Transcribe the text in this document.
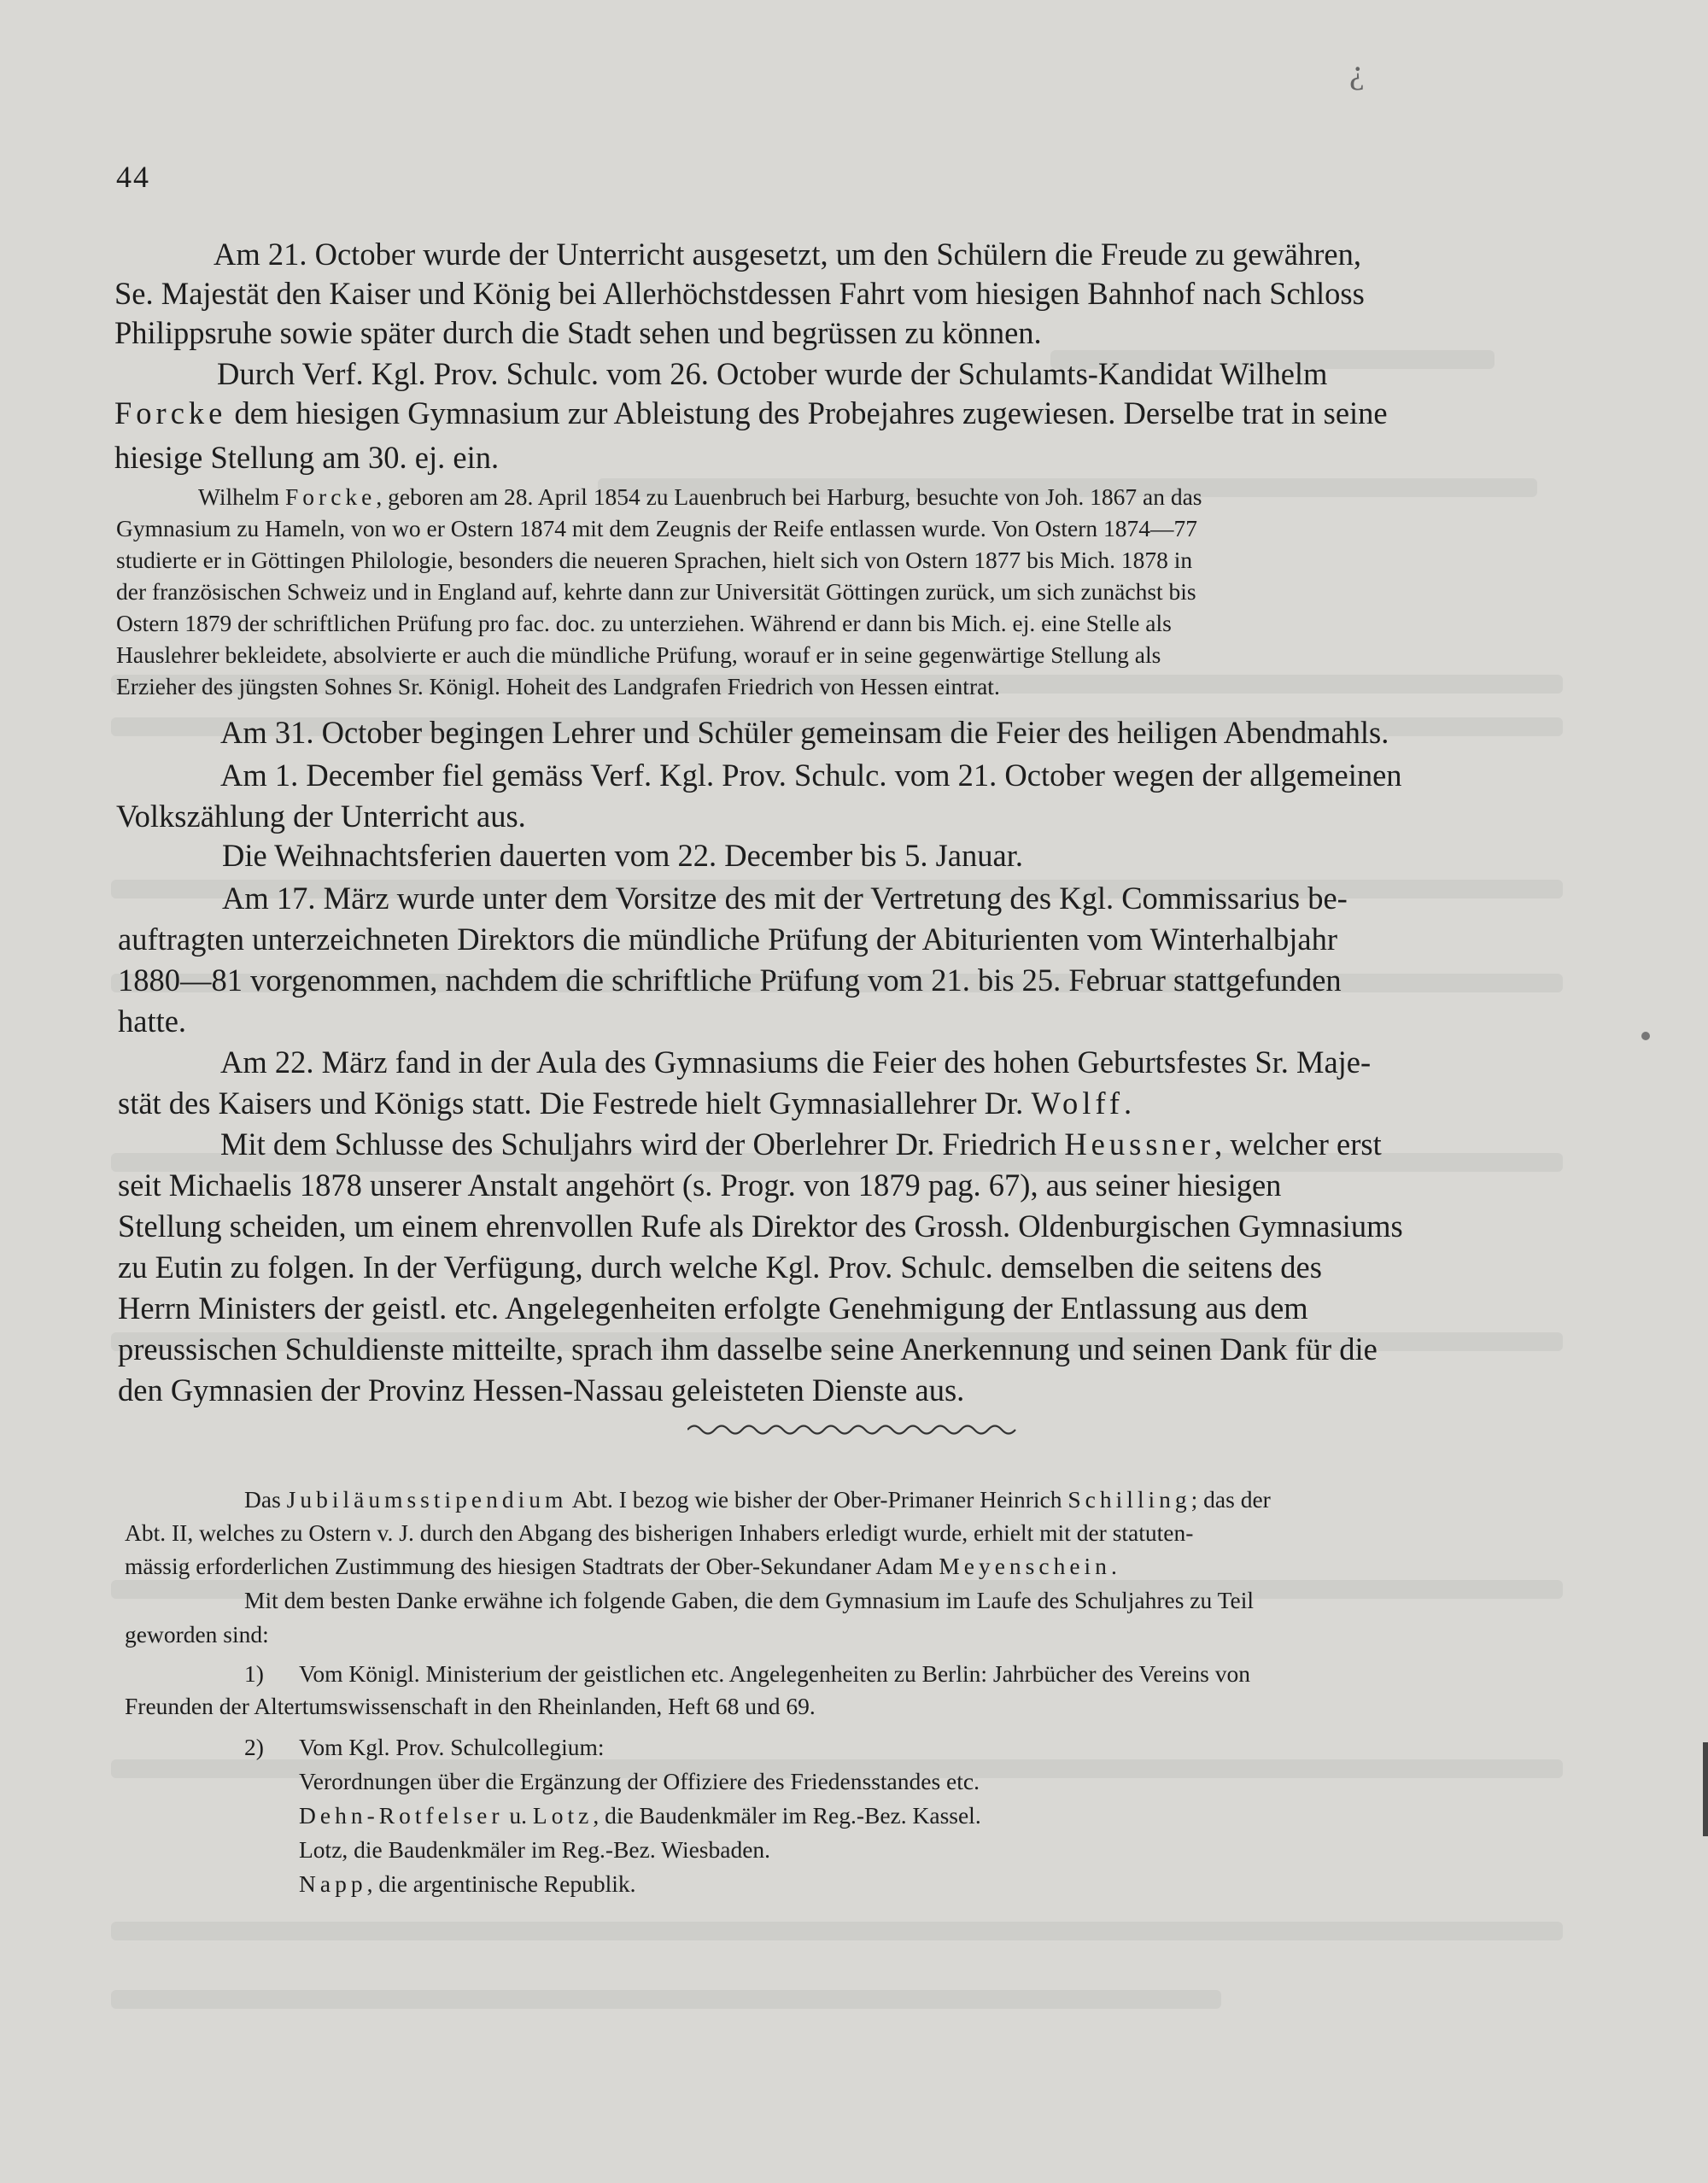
¿
44

Am 21. October wurde der Unterricht ausgesetzt, um den Schülern die Freude zu gewähren,

Se. Majestät den Kaiser und König bei Allerhöchstdessen Fahrt vom hiesigen Bahnhof nach Schloss

Philippsruhe sowie später durch die Stadt sehen und begrüssen zu können.

Durch Verf. Kgl. Prov. Schulc. vom 26. October wurde der Schulamts-Kandidat Wilhelm

Forcke dem hiesigen Gymnasium zur Ableistung des Probejahres zugewiesen. Derselbe trat in seine

hiesige Stellung am 30. ej. ein.

Wilhelm Forcke, geboren am 28. April 1854 zu Lauenbruch bei Harburg, besuchte von Joh. 1867 an das

Gymnasium zu Hameln, von wo er Ostern 1874 mit dem Zeugnis der Reife entlassen wurde. Von Ostern 1874—77

studierte er in Göttingen Philologie, besonders die neueren Sprachen, hielt sich von Ostern 1877 bis Mich. 1878 in

der französischen Schweiz und in England auf, kehrte dann zur Universität Göttingen zurück, um sich zunächst bis

Ostern 1879 der schriftlichen Prüfung pro fac. doc. zu unterziehen. Während er dann bis Mich. ej. eine Stelle als

Hauslehrer bekleidete, absolvierte er auch die mündliche Prüfung, worauf er in seine gegenwärtige Stellung als

Erzieher des jüngsten Sohnes Sr. Königl. Hoheit des Landgrafen Friedrich von Hessen eintrat.

Am 31. October begingen Lehrer und Schüler gemeinsam die Feier des heiligen Abendmahls.

Am 1. December fiel gemäss Verf. Kgl. Prov. Schulc. vom 21. October wegen der allgemeinen

Volkszählung der Unterricht aus.

Die Weihnachtsferien dauerten vom 22. December bis 5. Januar.

Am 17. März wurde unter dem Vorsitze des mit der Vertretung des Kgl. Commissarius be-

auftragten unterzeichneten Direktors die mündliche Prüfung der Abiturienten vom Winterhalbjahr

1880—81 vorgenommen, nachdem die schriftliche Prüfung vom 21. bis 25. Februar stattgefunden

hatte.

Am 22. März fand in der Aula des Gymnasiums die Feier des hohen Geburtsfestes Sr. Maje-

stät des Kaisers und Königs statt. Die Festrede hielt Gymnasiallehrer Dr. Wolff.

Mit dem Schlusse des Schuljahrs wird der Oberlehrer Dr. Friedrich Heussner, welcher erst

seit Michaelis 1878 unserer Anstalt angehört (s. Progr. von 1879 pag. 67), aus seiner hiesigen

Stellung scheiden, um einem ehrenvollen Rufe als Direktor des Grossh. Oldenburgischen Gymnasiums

zu Eutin zu folgen. In der Verfügung, durch welche Kgl. Prov. Schulc. demselben die seitens des

Herrn Ministers der geistl. etc. Angelegenheiten erfolgte Genehmigung der Entlassung aus dem

preussischen Schuldienste mitteilte, sprach ihm dasselbe seine Anerkennung und seinen Dank für die

den Gymnasien der Provinz Hessen-Nassau geleisteten Dienste aus.

Das Jubiläumsstipendium Abt. I bezog wie bisher der Ober-Primaner Heinrich Schilling; das der

Abt. II, welches zu Ostern v. J. durch den Abgang des bisherigen Inhabers erledigt wurde, erhielt mit der statuten-

mässig erforderlichen Zustimmung des hiesigen Stadtrats der Ober-Sekundaner Adam Meyenschein.

Mit dem besten Danke erwähne ich folgende Gaben, die dem Gymnasium im Laufe des Schuljahres zu Teil

geworden sind:

1) Vom Königl. Ministerium der geistlichen etc. Angelegenheiten zu Berlin: Jahrbücher des Vereins von

Freunden der Altertumswissenschaft in den Rheinlanden, Heft 68 und 69.

2) Vom Kgl. Prov. Schulcollegium:

Verordnungen über die Ergänzung der Offiziere des Friedensstandes etc.

Dehn-Rotfelser u. Lotz, die Baudenkmäler im Reg.-Bez. Kassel.

Lotz, die Baudenkmäler im Reg.-Bez. Wiesbaden.

Napp, die argentinische Republik.
